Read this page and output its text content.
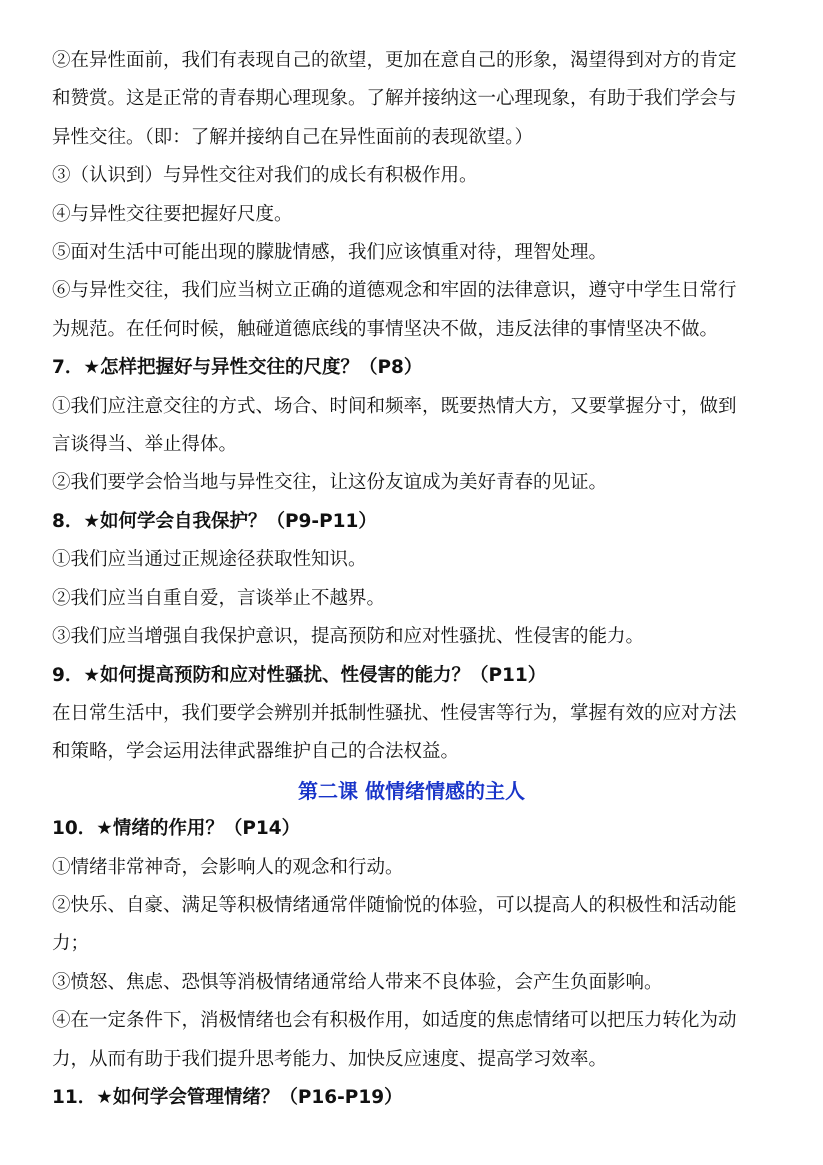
②在异性面前，我们有表现自己的欲望，更加在意自己的形象，渴望得到对方的肯定

和赞赏。这是正常的青春期心理现象。了解并接纳这一心理现象，有助于我们学会与

异性交往。（即：了解并接纳自己在异性面前的表现欲望。）

③（认识到）与异性交往对我们的成长有积极作用。

④与异性交往要把握好尺度。

⑤面对生活中可能出现的朦胧情感，我们应该慎重对待，理智处理。

⑥与异性交往，我们应当树立正确的道德观念和牢固的法律意识，遵守中学生日常行

为规范。在任何时候，触碰道德底线的事情坚决不做，违反法律的事情坚决不做。

7．★怎样把握好与异性交往的尺度？（P8）

①我们应注意交往的方式、场合、时间和频率，既要热情大方，又要掌握分寸，做到

言谈得当、举止得体。

②我们要学会恰当地与异性交往，让这份友谊成为美好青春的见证。

8．★如何学会自我保护？（P9-P11）

①我们应当通过正规途径获取性知识。

②我们应当自重自爱，言谈举止不越界。

③我们应当增强自我保护意识，提高预防和应对性骚扰、性侵害的能力。

9．★如何提高预防和应对性骚扰、性侵害的能力？（P11）

在日常生活中，我们要学会辨别并抵制性骚扰、性侵害等行为，掌握有效的应对方法

和策略，学会运用法律武器维护自己的合法权益。

第二课 做情绪情感的主人

10．★情绪的作用？（P14）

①情绪非常神奇，会影响人的观念和行动。

②快乐、自豪、满足等积极情绪通常伴随愉悦的体验，可以提高人的积极性和活动能

力；

③愤怒、焦虑、恐惧等消极情绪通常给人带来不良体验，会产生负面影响。

④在一定条件下，消极情绪也会有积极作用，如适度的焦虑情绪可以把压力转化为动

力，从而有助于我们提升思考能力、加快反应速度、提高学习效率。

11．★如何学会管理情绪？（P16-P19）
